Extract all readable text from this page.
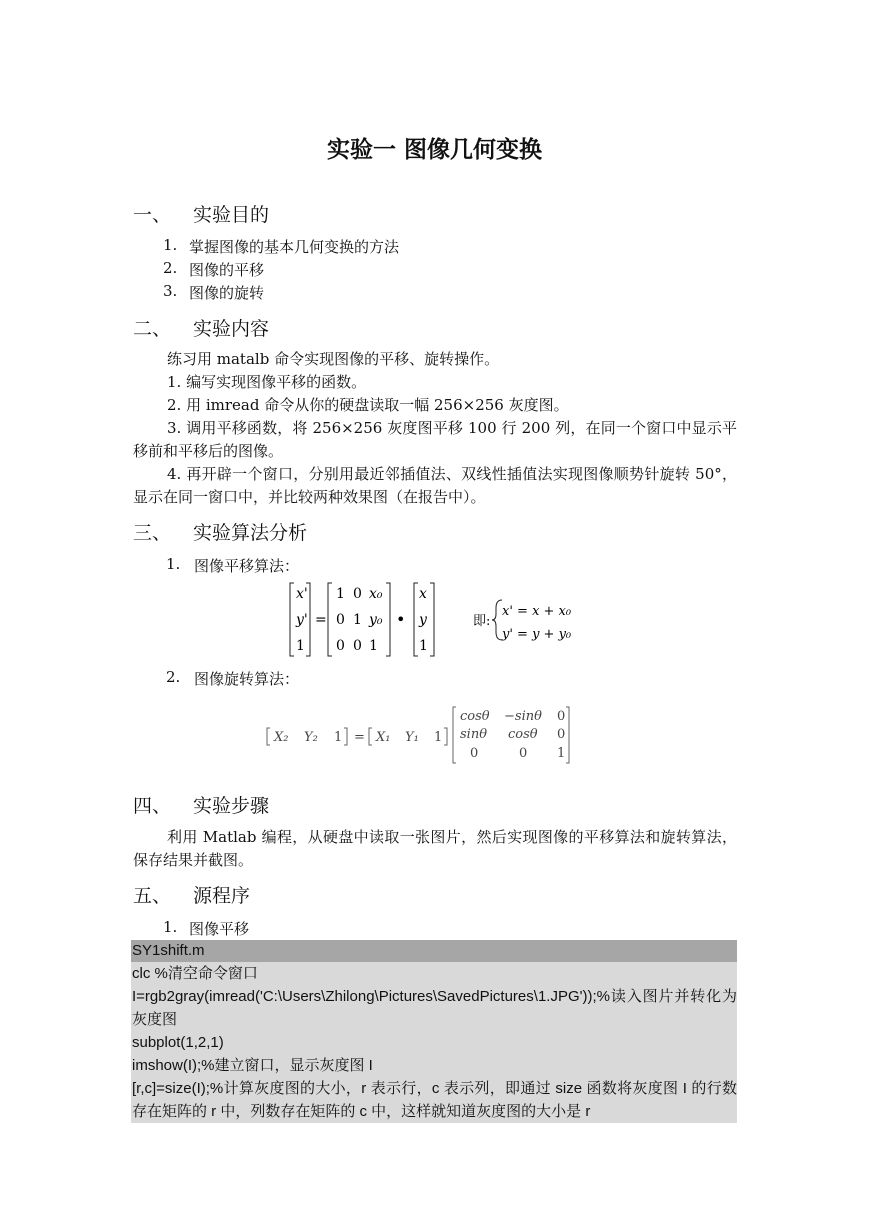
实验一 图像几何变换
一、 实验目的
1. 掌握图像的基本几何变换的方法
2. 图像的平移
3. 图像的旋转
二、 实验内容
练习用 matalb 命令实现图像的平移、旋转操作。
1. 编写实现图像平移的函数。
2. 用 imread 命令从你的硬盘读取一幅 256×256 灰度图。
3. 调用平移函数，将 256×256 灰度图平移 100 行 200 列，在同一个窗口中显示平移前和平移后的图像。
4. 再开辟一个窗口，分别用最近邻插值法、双线性插值法实现图像顺势针旋转 50°，显示在同一窗口中，并比较两种效果图（在报告中）。
三、 实验算法分析
1. 图像平移算法：
x'
y'
1
=
1 0 x₀
0 1 y₀
0 0 1
•
x
y
1
即:
x' = x + x₀
y' = y + y₀
2. 图像旋转算法：
X₂ Y₂ 1 = X₁ Y₁ 1
cosθ −sinθ 0
sinθ cosθ 0
0	0 1
四、 实验步骤
利用 Matlab 编程，从硬盘中读取一张图片，然后实现图像的平移算法和旋转算法，保存结果并截图。
五、 源程序
1. 图像平移
SY1shift.m
clc %清空命令窗口
I=rgb2gray(imread('C:\Users\Zhilong\Pictures\SavedPictures\1.JPG'));%读入图片并转化为灰度图
subplot(1,2,1)
imshow(I);%建立窗口，显示灰度图 I
[r,c]=size(I);%计算灰度图的大小，r 表示行，c 表示列，即通过 size 函数将灰度图 I 的行数存在矩阵的 r 中，列数存在矩阵的 c 中，这样就知道灰度图的大小是 r
